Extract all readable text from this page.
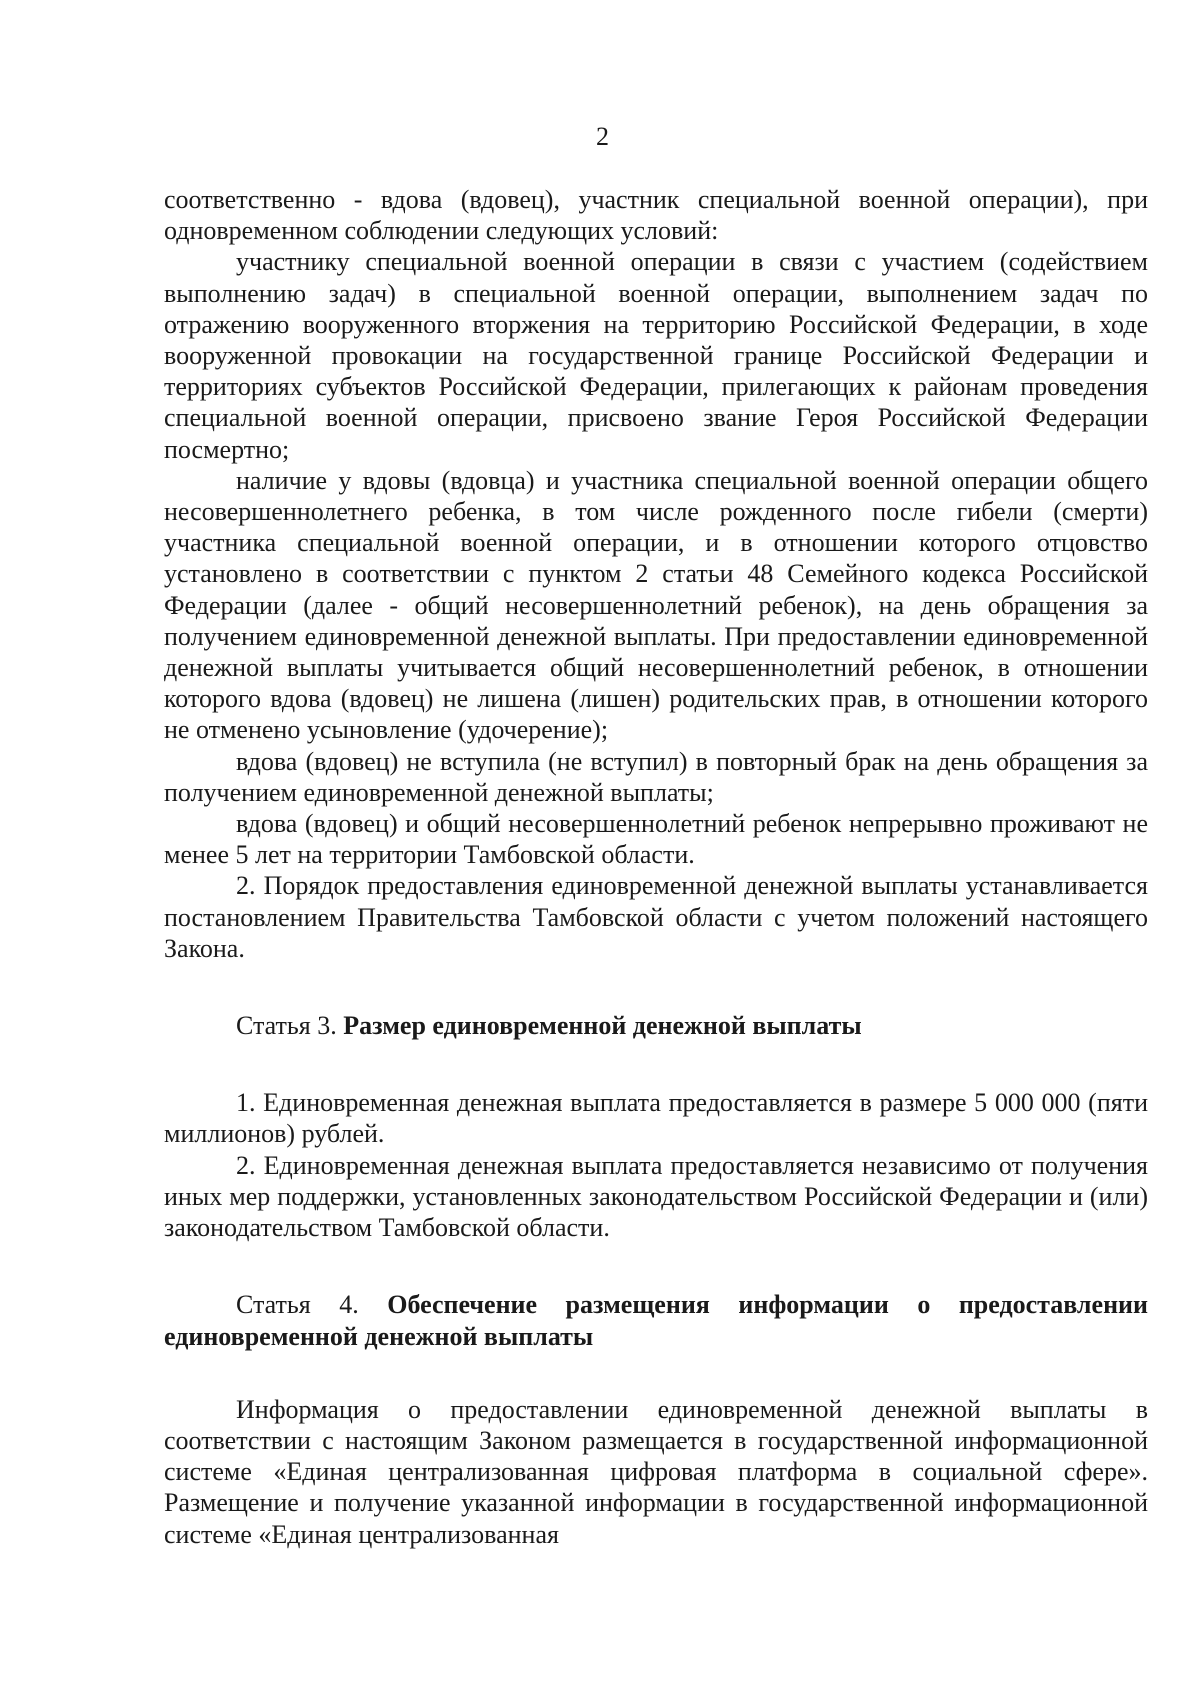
2

соответственно - вдова (вдовец), участник специальной военной операции), при одновременном соблюдении следующих условий:

участнику специальной военной операции в связи с участием (содействием выполнению задач) в специальной военной операции, выполнением задач по отражению вооруженного вторжения на территорию Российской Федерации, в ходе вооруженной провокации на государственной границе Российской Федерации и территориях субъектов Российской Федерации, прилегающих к районам проведения специальной военной операции, присвоено звание Героя Российской Федерации посмертно;

наличие у вдовы (вдовца) и участника специальной военной операции общего несовершеннолетнего ребенка, в том числе рожденного после гибели (смерти) участника специальной военной операции, и в отношении которого отцовство установлено в соответствии с пунктом 2 статьи 48 Семейного кодекса Российской Федерации (далее - общий несовершеннолетний ребенок), на день обращения за получением единовременной денежной выплаты. При предоставлении единовременной денежной выплаты учитывается общий несовершеннолетний ребенок, в отношении которого вдова (вдовец) не лишена (лишен) родительских прав, в отношении которого не отменено усыновление (удочерение);

вдова (вдовец) не вступила (не вступил) в повторный брак на день обращения за получением единовременной денежной выплаты;

вдова (вдовец) и общий несовершеннолетний ребенок непрерывно проживают не менее 5 лет на территории Тамбовской области.

2. Порядок предоставления единовременной денежной выплаты устанавливается постановлением Правительства Тамбовской области с учетом положений настоящего Закона.

Статья 3. Размер единовременной денежной выплаты

1. Единовременная денежная выплата предоставляется в размере 5 000 000 (пяти миллионов) рублей.

2. Единовременная денежная выплата предоставляется независимо от получения иных мер поддержки, установленных законодательством Российской Федерации и (или) законодательством Тамбовской области.

Статья 4. Обеспечение размещения информации о предоставлении единовременной денежной выплаты

Информация о предоставлении единовременной денежной выплаты в соответствии с настоящим Законом размещается в государственной информационной системе «Единая централизованная цифровая платформа в социальной сфере». Размещение и получение указанной информации в государственной информационной системе «Единая централизованная
